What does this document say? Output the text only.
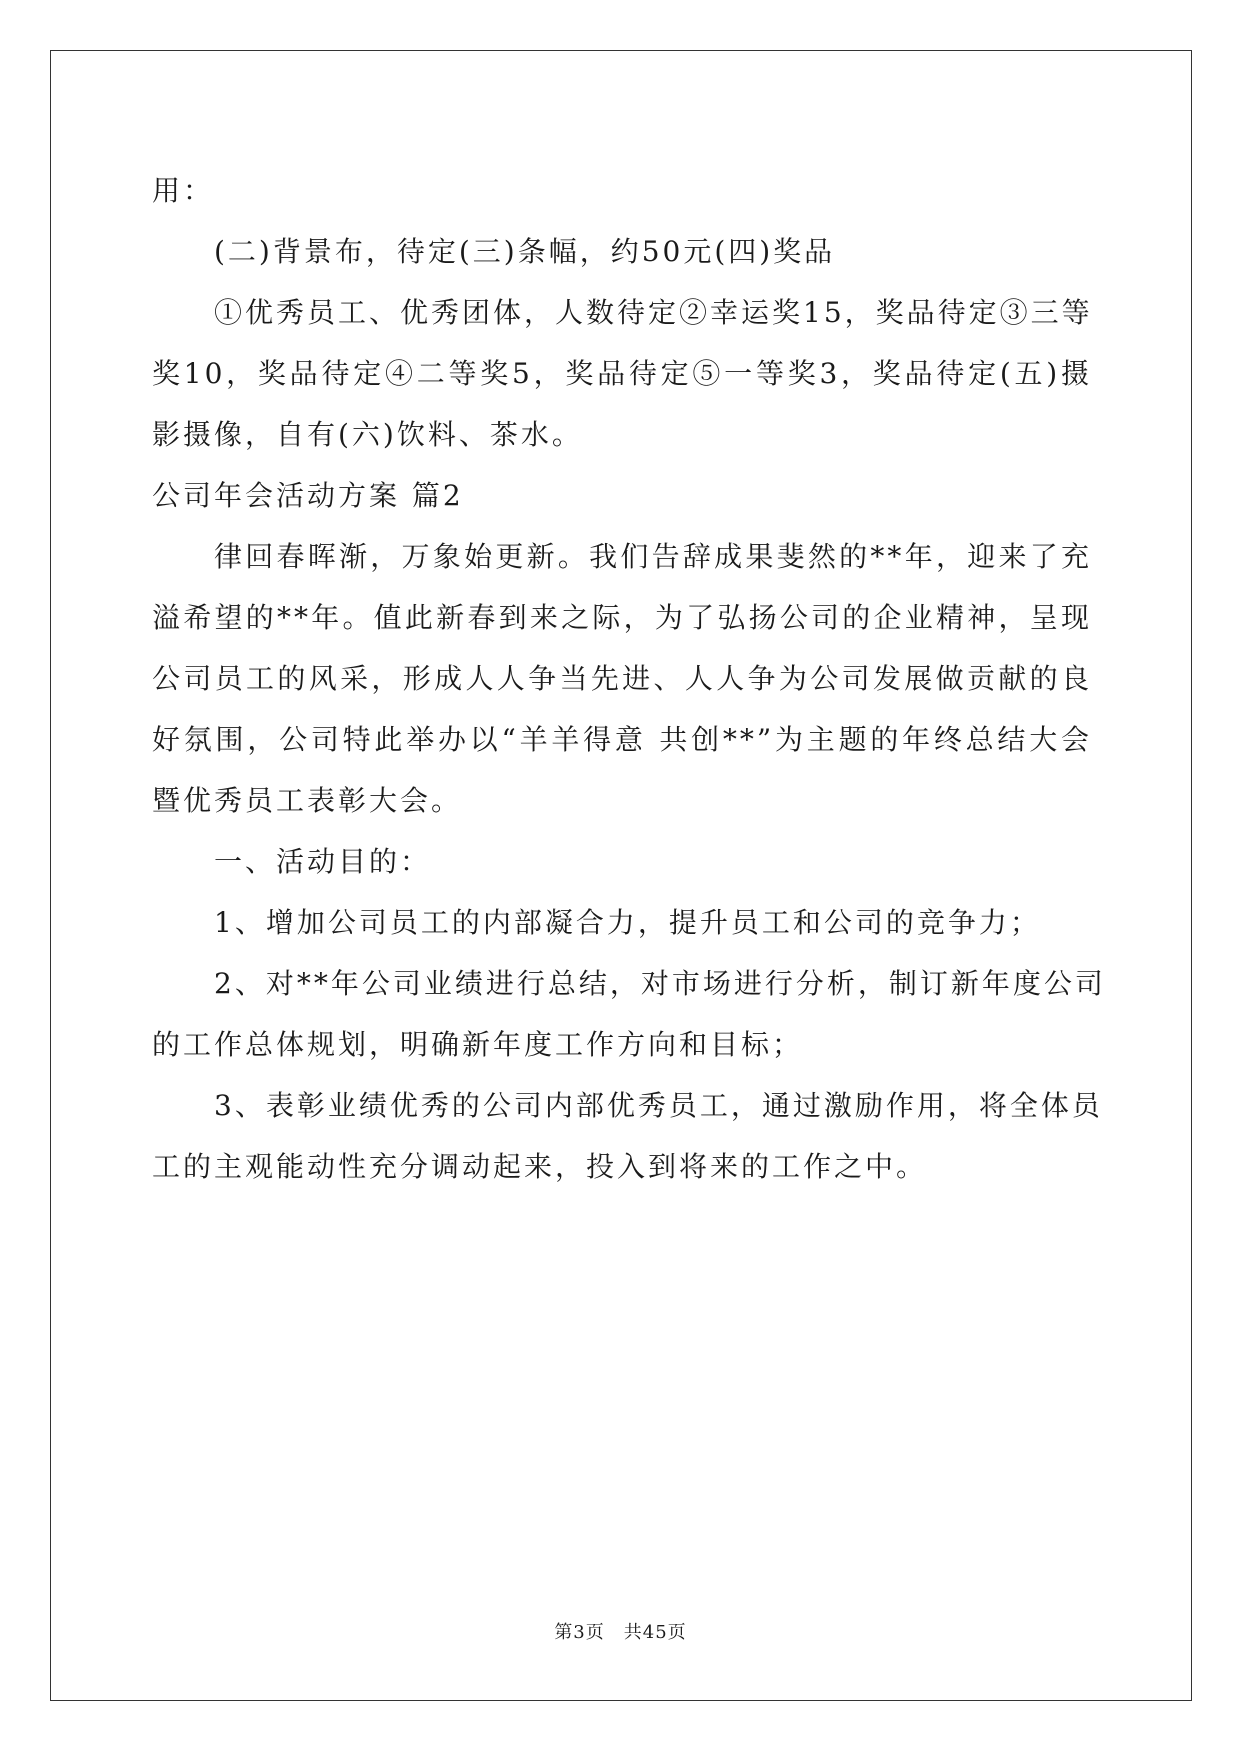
用：

(二)背景布，待定(三)条幅，约50元(四)奖品

①优秀员工、优秀团体，人数待定②幸运奖15，奖品待定③三等

奖10，奖品待定④二等奖5，奖品待定⑤一等奖3，奖品待定(五)摄

影摄像，自有(六)饮料、茶水。

公司年会活动方案 篇2

律回春晖渐，万象始更新。我们告辞成果斐然的**年，迎来了充

溢希望的**年。值此新春到来之际，为了弘扬公司的企业精神，呈现

公司员工的风采，形成人人争当先进、人人争为公司发展做贡献的良

好氛围，公司特此举办以“羊羊得意 共创**”为主题的年终总结大会

暨优秀员工表彰大会。

一、活动目的：

1、增加公司员工的内部凝合力，提升员工和公司的竞争力；

2、对**年公司业绩进行总结，对市场进行分析，制订新年度公司

的工作总体规划，明确新年度工作方向和目标；

3、表彰业绩优秀的公司内部优秀员工，通过激励作用，将全体员

工的主观能动性充分调动起来，投入到将来的工作之中。

第3页　共45页
